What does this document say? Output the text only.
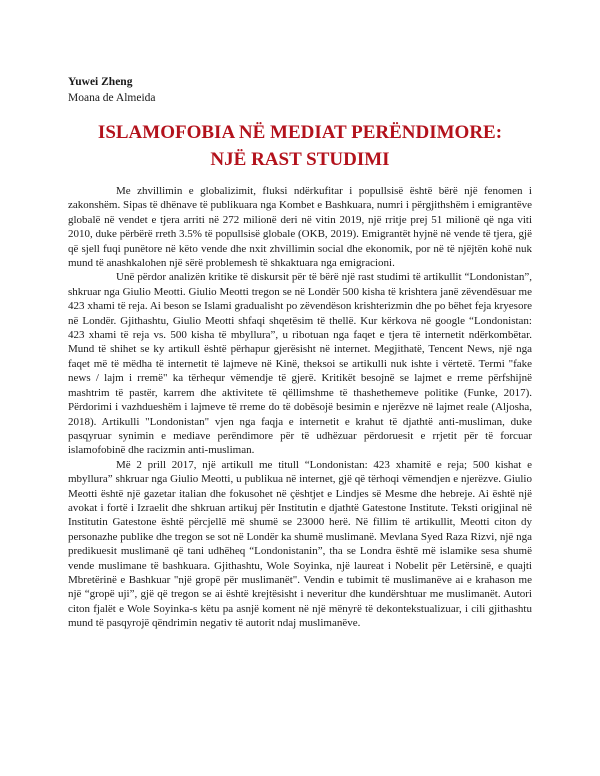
Yuwei Zheng
Moana de Almeida
ISLAMOFOBIA NË MEDIAT PERËNDIMORE:
NJË RAST STUDIMI

Me zhvillimin e globalizimit, fluksi ndërkufitar i popullsisë është bërë një fenomen i zakonshëm. Sipas të dhënave të publikuara nga Kombet e Bashkuara, numri i përgjithshëm i emigrantëve globalë në vendet e tjera arriti në 272 milionë deri në vitin 2019, një rritje prej 51 milionë që nga viti 2010, duke përbërë rreth 3.5% të popullsisë globale (OKB, 2019). Emigrantët hyjnë në vende të tjera, gjë që sjell fuqi punëtore në këto vende dhe nxit zhvillimin social dhe ekonomik, por në të njëjtën kohë nuk mund të anashkalohen një sërë problemesh të shkaktuara nga emigracioni.

Unë përdor analizën kritike të diskursit për të bërë një rast studimi të artikullit “Londonistan”, shkruar nga Giulio Meotti. Giulio Meotti tregon se në Londër 500 kisha të krishtera janë zëvendësuar me 423 xhami të reja. Ai beson se Islami gradualisht po zëvendëson krishterizmin dhe po bëhet feja kryesore në Londër. Gjithashtu, Giulio Meotti shfaqi shqetësim të thellë. Kur kërkova në google “Londonistan: 423 xhami të reja vs. 500 kisha të mbyllura”, u ribotuan nga faqet e tjera të internetit ndërkombëtar. Mund të shihet se ky artikull është përhapur gjerësisht në internet. Megjithatë, Tencent News, një nga faqet më të mëdha të internetit të lajmeve në Kinë, theksoi se artikulli nuk ishte i vërtetë. Termi "fake news / lajm i rremë" ka tërhequr vëmendje të gjerë. Kritikët besojnë se lajmet e rreme përfshijnë mashtrim të pastër, karrem dhe aktivitete të qëllimshme të thashethemeve politike (Funke, 2017). Përdorimi i vazhdueshëm i lajmeve të rreme do të dobësojë besimin e njerëzve në lajmet reale (Aljosha, 2018). Artikulli "Londonistan" vjen nga faqja e internetit e krahut të djathtë anti-musliman, duke pasqyruar synimin e mediave perëndimore për të udhëzuar përdoruesit e rrjetit për të forcuar islamofobinë dhe racizmin anti-musliman.

Më 2 prill 2017, një artikull me titull “Londonistan: 423 xhamitë e reja; 500 kishat e mbyllura” shkruar nga Giulio Meotti, u publikua në internet, gjë që tërhoqi vëmendjen e njerëzve. Giulio Meotti është një gazetar italian dhe fokusohet në çështjet e Lindjes së Mesme dhe hebreje. Ai është një avokat i fortë i Izraelit dhe shkruan artikuj për Institutin e djathtë Gatestone Institute. Teksti origjinal në Institutin Gatestone është përcjellë më shumë se 23000 herë. Në fillim të artikullit, Meotti citon dy personazhe publike dhe tregon se sot në Londër ka shumë muslimanë. Mevlana Syed Raza Rizvi, një nga predikuesit muslimanë që tani udhëheq “Londonistanin”, tha se Londra është më islamike sesa shumë vende muslimane të bashkuara. Gjithashtu, Wole Soyinka, një laureat i Nobelit për Letërsinë, e quajti Mbretërinë e Bashkuar "një gropë për muslimanët". Vendin e tubimit të muslimanëve ai e krahason me një “gropë uji”, gjë që tregon se ai është krejtësisht i neveritur dhe kundërshtuar me muslimanët. Autori citon fjalët e Wole Soyinka-s këtu pa asnjë koment në një mënyrë të dekontekstualizuar, i cili gjithashtu mund të pasqyrojë qëndrimin negativ të autorit ndaj muslimanëve.
